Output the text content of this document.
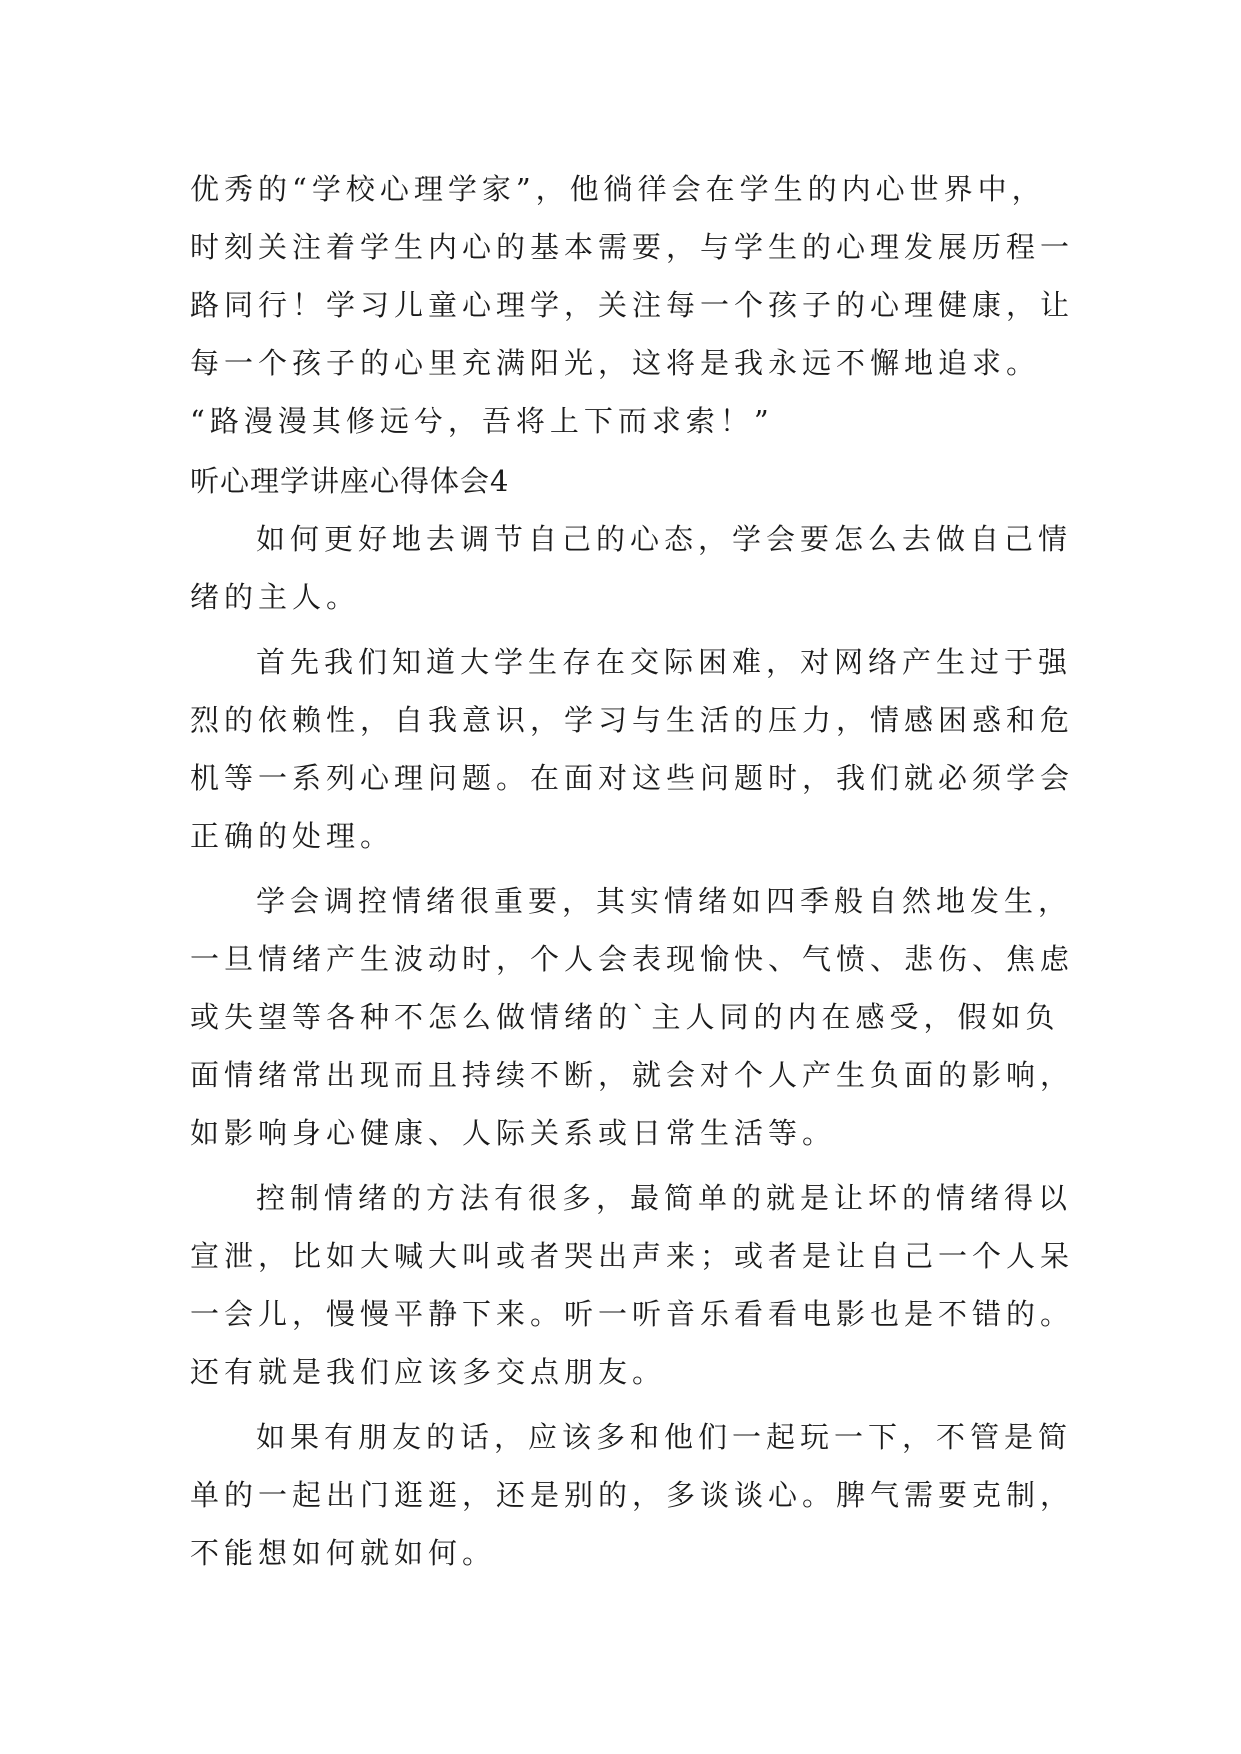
优秀的“学校心理学家”，他徜徉会在学生的内心世界中，
时刻关注着学生内心的基本需要，与学生的心理发展历程一
路同行！学习儿童心理学，关注每一个孩子的心理健康，让
每一个孩子的心里充满阳光，这将是我永远不懈地追求。
“路漫漫其修远兮，吾将上下而求索！”
听心理学讲座心得体会4
如何更好地去调节自己的心态，学会要怎么去做自己情
绪的主人。
首先我们知道大学生存在交际困难，对网络产生过于强
烈的依赖性，自我意识，学习与生活的压力，情感困惑和危
机等一系列心理问题。在面对这些问题时，我们就必须学会
正确的处理。
学会调控情绪很重要，其实情绪如四季般自然地发生，
一旦情绪产生波动时，个人会表现愉快、气愤、悲伤、焦虑
或失望等各种不怎么做情绪的`主人同的内在感受，假如负
面情绪常出现而且持续不断，就会对个人产生负面的影响，
如影响身心健康、人际关系或日常生活等。
控制情绪的方法有很多，最简单的就是让坏的情绪得以
宣泄，比如大喊大叫或者哭出声来；或者是让自己一个人呆
一会儿，慢慢平静下来。听一听音乐看看电影也是不错的。
还有就是我们应该多交点朋友。
如果有朋友的话，应该多和他们一起玩一下，不管是简
单的一起出门逛逛，还是别的，多谈谈心。脾气需要克制，
不能想如何就如何。
